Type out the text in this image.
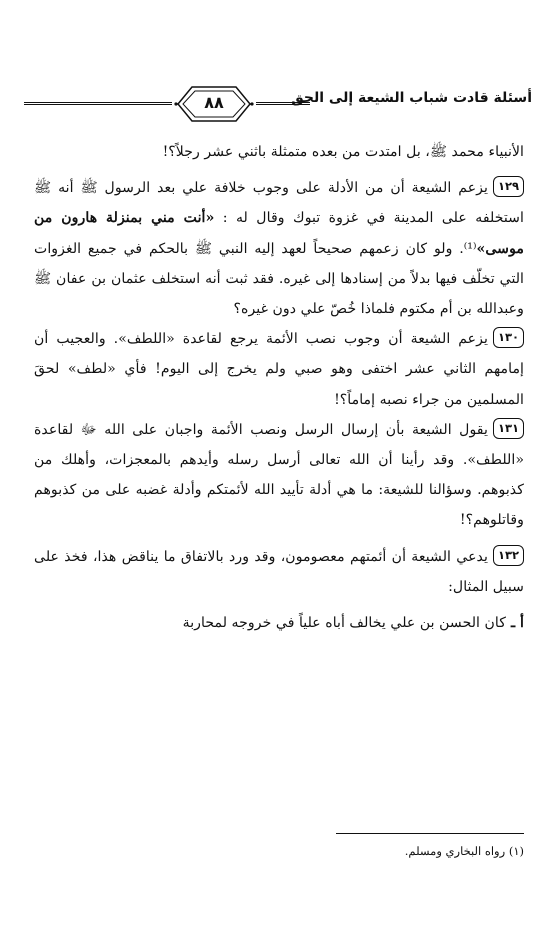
٨٨	أسئلة قادت شباب الشيعة إلى الحق

الأنبياء محمد ﷺ، بل امتدت من بعده متمثلة باثني عشر رجلاً؟!

١٢٩يزعم الشيعة أن من الأدلة على وجوب خلافة علي بعد الرسول ﷺ أنه ﷺ استخلفه على المدينة في غزوة تبوك وقال له : «أنت مني بمنزلة هارون من موسى»⁽¹⁾. ولو كان زعمهم صحيحاً لعهد إليه النبي ﷺ بالحكم في جميع الغزوات التي تخلّف فيها بدلاً من إسنادها إلى غيره. فقد ثبت أنه استخلف عثمان بن عفان ﷺ وعبدالله بن أم مكتوم فلماذا خُصّ علي دون غيره؟

١٣٠يزعم الشيعة أن وجوب نصب الأئمة يرجع لقاعدة «اللطف». والعجيب أن إمامهم الثاني عشر اختفى وهو صبي ولم يخرج إلى اليوم! فأي «لطف» لحقَ المسلمين من جراء نصبه إماماً؟!

١٣١يقول الشيعة بأن إرسال الرسل ونصب الأئمة واجبان على الله ﷻ لقاعدة «اللطف». وقد رأينا أن الله تعالى أرسل رسله وأيدهم بالمعجزات، وأهلك من كذبوهم. وسؤالنا للشيعة: ما هي أدلة تأييد الله لأئمتكم وأدلة غضبه على من كذبوهم وقاتلوهم؟!

١٣٢يدعي الشيعة أن أئمتهم معصومون، وقد ورد بالاتفاق ما يناقض هذا، فخذ على سبيل المثال:

أ ـ كان الحسن بن علي يخالف أباه علياً في خروجه لمحاربة

(١) رواه البخاري ومسلم.
